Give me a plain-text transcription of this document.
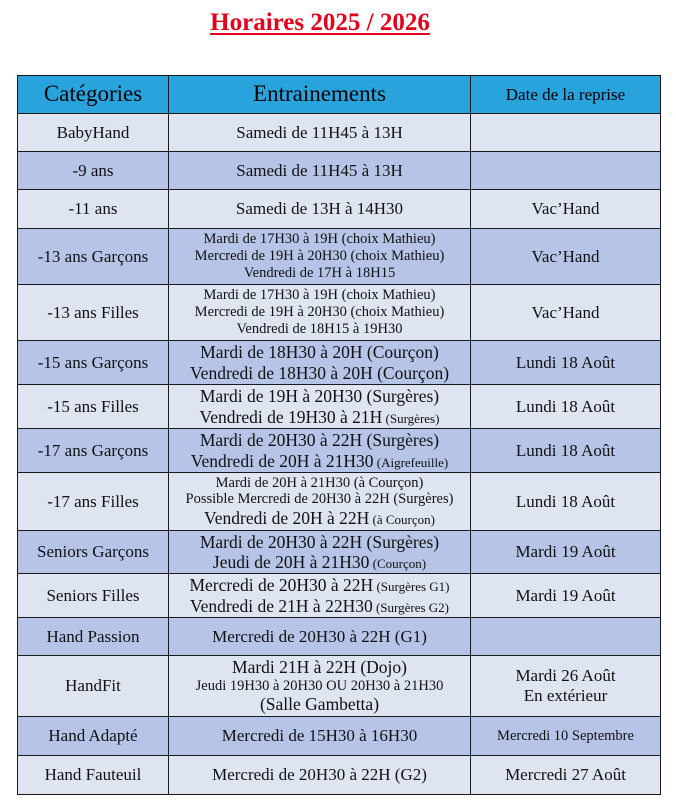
Horaires 2025 / 2026
Catégories	Entrainements	Date de la reprise
BabyHand	Samedi de 11H45 à 13H	

-9 ans	Samedi de 11H45 à 13H	

-11 ans	Samedi de 13H à 14H30	Vac’Hand

-13 ans Garçons	Mardi de 17H30 à 19H (choix Mathieu)
Mercredi de 19H à 20H30 (choix Mathieu)
Vendredi de 17H à 18H15	Vac’Hand

-13 ans Filles	Mardi de 17H30 à 19H (choix Mathieu)
Mercredi de 19H à 20H30 (choix Mathieu)
Vendredi de 18H15 à 19H30	Vac’Hand

-15 ans Garçons	Mardi de 18H30 à 20H (Courçon)
Vendredi de 18H30 à 20H (Courçon)	Lundi 18 Août

-15 ans Filles	Mardi de 19H à 20H30 (Surgères)
Vendredi de 19H30 à 21H (Surgères)	Lundi 18 Août

-17 ans Garçons	Mardi de 20H30 à 22H (Surgères)
Vendredi de 20H à 21H30 (Aigrefeuille)	Lundi 18 Août

-17 ans Filles	Mardi de 20H à 21H30 (à Courçon)
Possible Mercredi de 20H30 à 22H (Surgères)
Vendredi de 20H à 22H (à Courçon)	Lundi 18 Août

Seniors Garçons	Mardi de 20H30 à 22H (Surgères)
Jeudi de 20H à 21H30 (Courçon)	Mardi 19 Août

Seniors Filles	Mercredi de 20H30 à 22H (Surgères G1)
Vendredi de 21H à 22H30 (Surgères G2)	Mardi 19 Août

Hand Passion	Mercredi de 20H30 à 22H (G1)	

HandFit	Mardi 21H à 22H (Dojo)
Jeudi 19H30 à 20H30 OU 20H30 à 21H30
(Salle Gambetta)	Mardi 26 Août
En extérieur

Hand Adapté	Mercredi de 15H30 à 16H30	Mercredi 10 Septembre

Hand Fauteuil	Mercredi de 20H30 à 22H (G2)	Mercredi 27 Août
